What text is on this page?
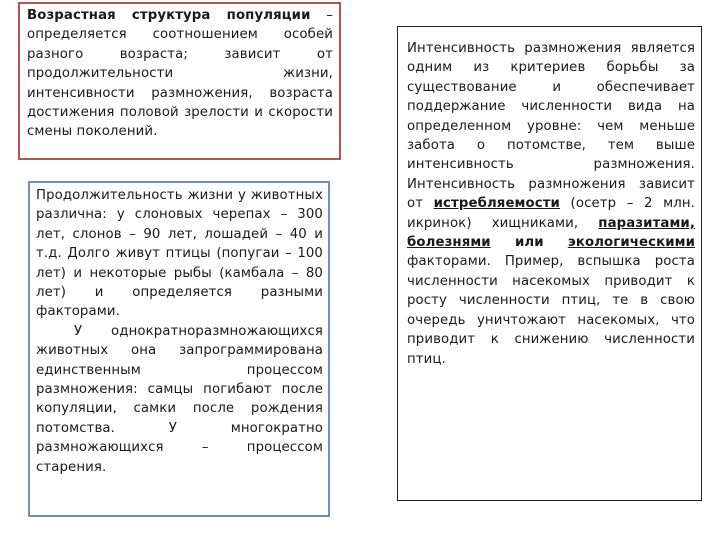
Возрастная структура популяции – определяется соотношением особей разного возраста; зависит от продолжительности жизни, интенсивности размножения, возраста достижения половой зрелости и скорости смены поколений.

Продолжительность жизни у животных различна: у слоновых черепах – 300 лет, слонов – 90 лет, лошадей – 40 и т.д. Долго живут птицы (попугаи – 100 лет) и некоторые рыбы (камбала – 80 лет) и определяется разными факторами.

У однократноразмножающихся животных она запрограммирована единственным процессом размножения: самцы погибают после копуляции, самки после рождения потомства. У многократно размножающихся – процессом старения.

Интенсивность размножения является одним из критериев борьбы за существование и обеспечивает поддержание численности вида на определенном уровне: чем меньше забота о потомстве, тем выше интенсивность размножения. Интенсивность размножения зависит от истребляемости (осетр – 2 млн. икринок) хищниками, паразитами, болезнями или экологическими факторами. Пример, вспышка роста численности насекомых приводит к росту численности птиц, те в свою очередь уничтожают насекомых, что приводит к снижению численности птиц.
